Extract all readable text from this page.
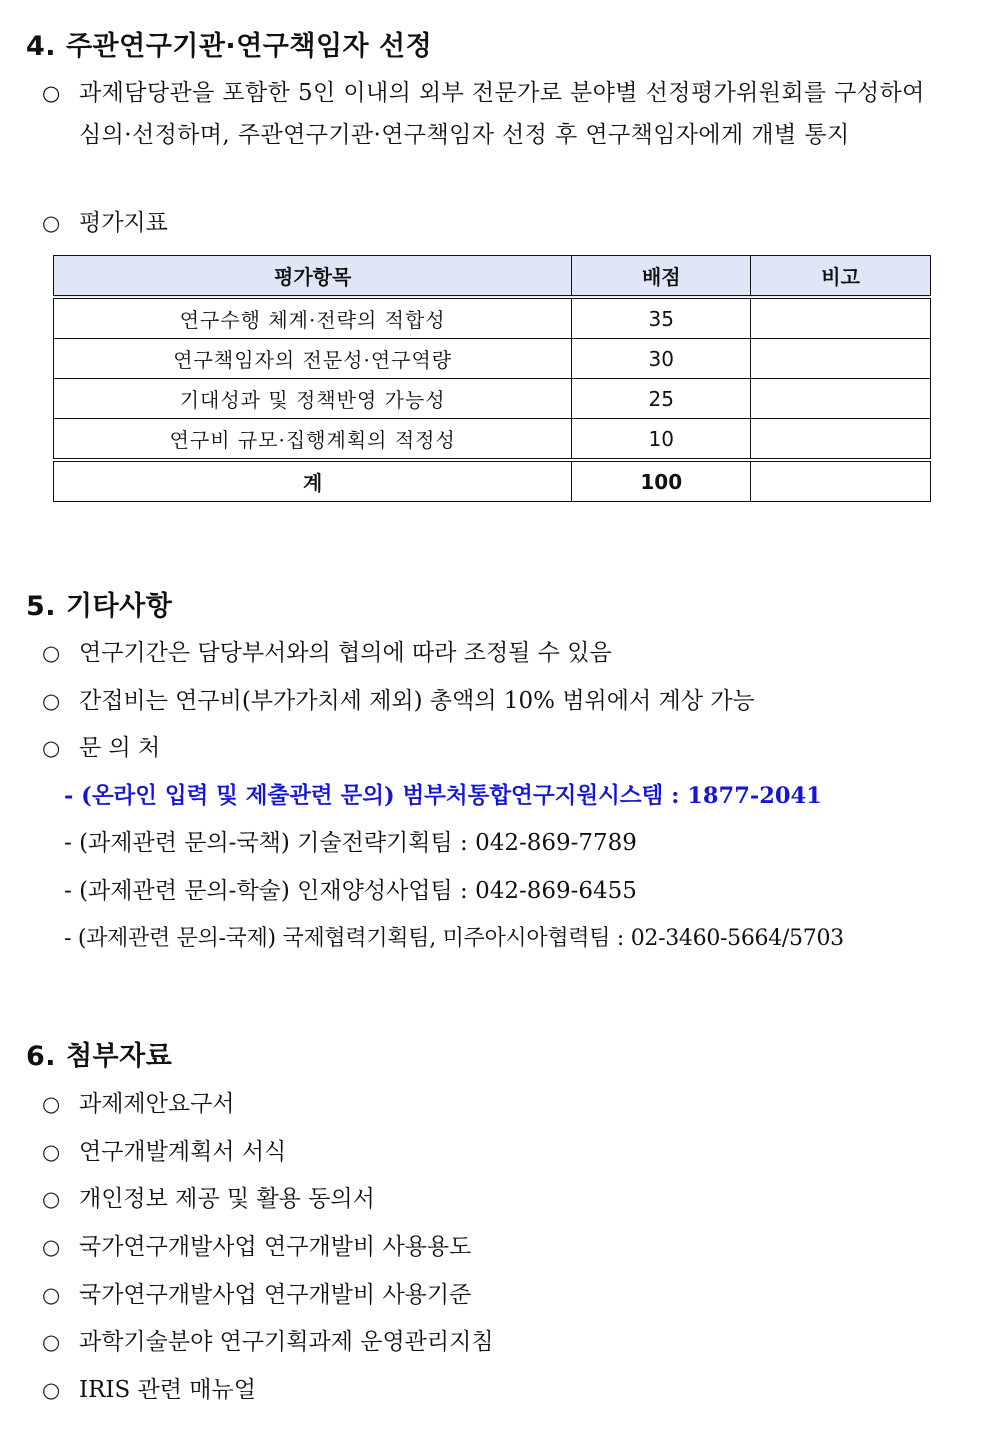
4. 주관연구기관·연구책임자 선정
○ 과제담당관을 포함한 5인 이내의 외부 전문가로 분야별 선정평가위원회를 구성하여 심의·선정하며, 주관연구기관·연구책임자 선정 후 연구책임자에게 개별 통지
○ 평가지표
평가항목	배점	비고
연구수행 체계·전략의 적합성	35	
연구책임자의 전문성·연구역량	30	
기대성과 및 정책반영 가능성	25	
연구비 규모·집행계획의 적정성	10	
계	100	
5. 기타사항
○ 연구기간은 담당부서와의 협의에 따라 조정될 수 있음
○ 간접비는 연구비(부가가치세 제외) 총액의 10% 범위에서 계상 가능
○ 문 의 처
- (온라인 입력 및 제출관련 문의) 범부처통합연구지원시스템 : 1877-2041
- (과제관련 문의-국책) 기술전략기획팀 : 042-869-7789
- (과제관련 문의-학술) 인재양성사업팀 : 042-869-6455
- (과제관련 문의-국제) 국제협력기획팀, 미주아시아협력팀 : 02-3460-5664/5703
6. 첨부자료
○ 과제제안요구서
○ 연구개발계획서 서식
○ 개인정보 제공 및 활용 동의서
○ 국가연구개발사업 연구개발비 사용용도
○ 국가연구개발사업 연구개발비 사용기준
○ 과학기술분야 연구기획과제 운영관리지침
○ IRIS 관련 매뉴얼
